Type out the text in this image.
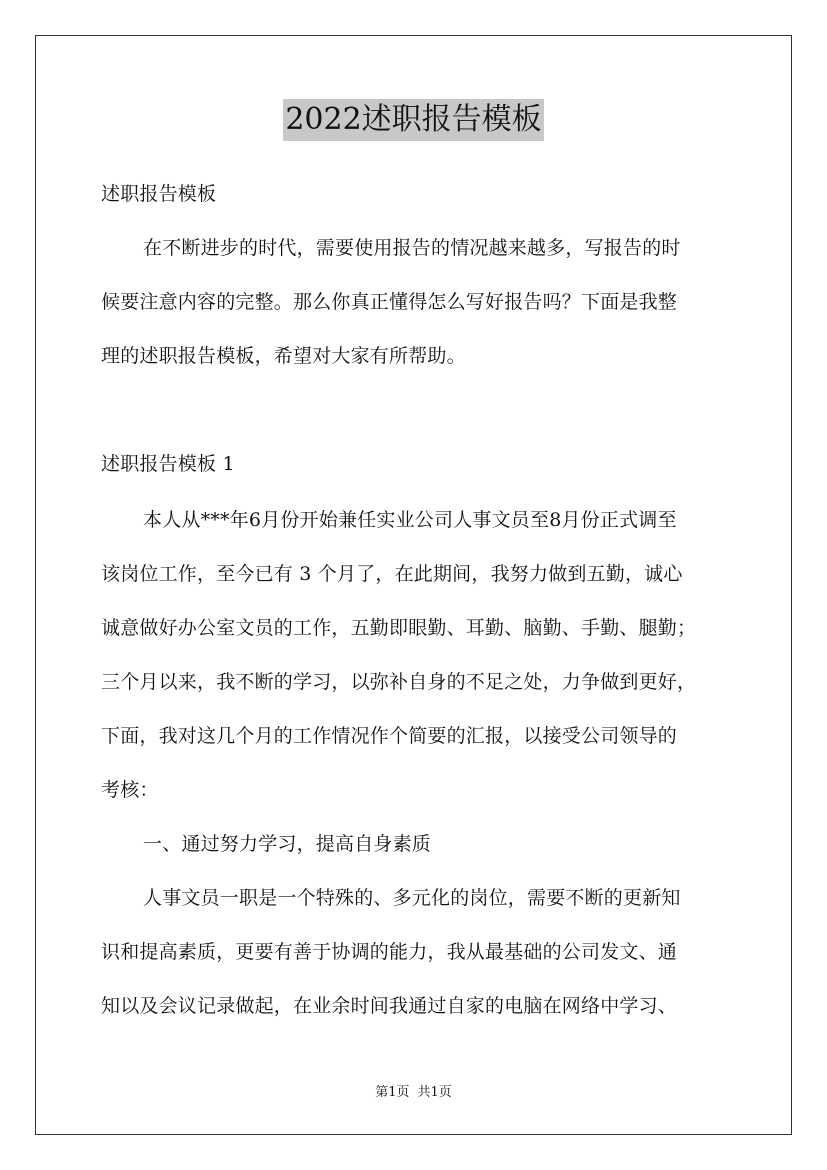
2022述职报告模板
述职报告模板
在不断进步的时代，需要使用报告的情况越来越多，写报告的时
候要注意内容的完整。那么你真正懂得怎么写好报告吗？下面是我整
理的述职报告模板，希望对大家有所帮助。
述职报告模板 1
本人从***年6月份开始兼任实业公司人事文员至8月份正式调至
该岗位工作，至今已有 3 个月了，在此期间，我努力做到五勤，诚心
诚意做好办公室文员的工作，五勤即眼勤、耳勤、脑勤、手勤、腿勤；
三个月以来，我不断的学习，以弥补自身的不足之处，力争做到更好，
下面，我对这几个月的工作情况作个简要的汇报，以接受公司领导的
考核：
一、通过努力学习，提高自身素质
人事文员一职是一个特殊的、多元化的岗位，需要不断的更新知
识和提高素质，更要有善于协调的能力，我从最基础的公司发文、通
知以及会议记录做起，在业余时间我通过自家的电脑在网络中学习、
第1页 共1页
